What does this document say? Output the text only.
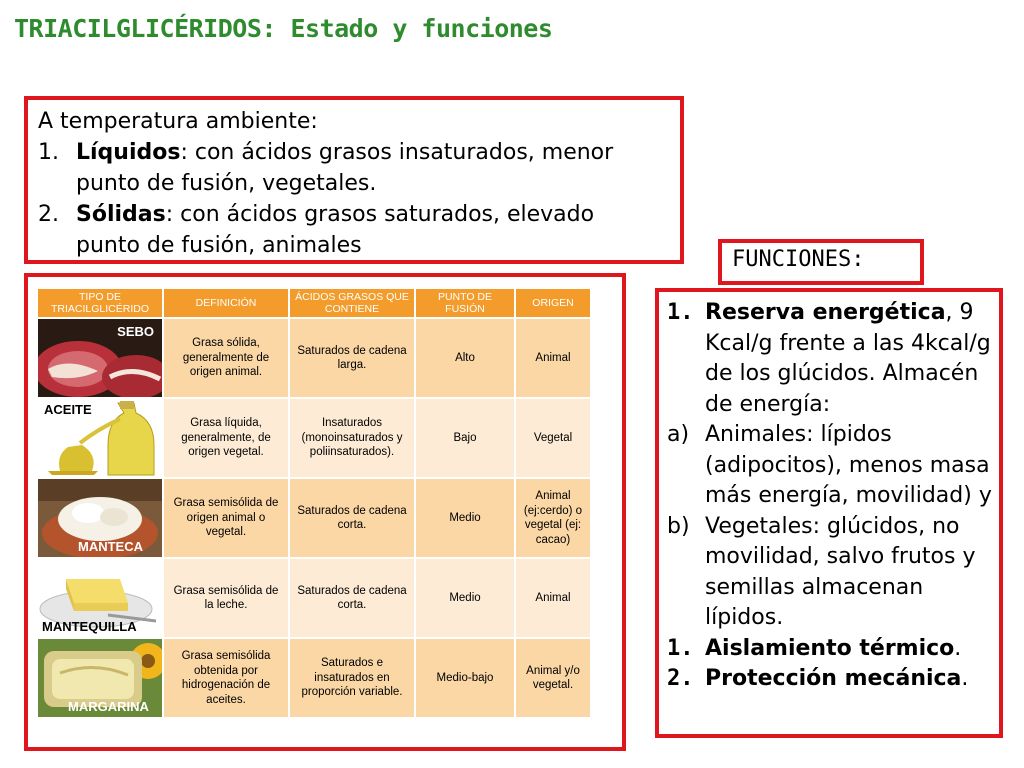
TRIACILGLICÉRIDOS: Estado y funciones
A temperatura ambiente:
1. Líquidos: con ácidos grasos insaturados, menor
punto de fusión, vegetales.
2. Sólidas: con ácidos grasos saturados, elevado
punto de fusión, animales
FUNCIONES:
1. Reserva energética, 9 Kcal/g frente a las 4kcal/g de los glúcidos. Almacén de energía:
a) Animales: lípidos (adipocitos), menos masa más energía, movilidad) y
b) Vegetales: glúcidos, no movilidad, salvo frutos y semillas almacenan lípidos.
1. Aislamiento térmico.
2. Protección mecánica.
TIPO DE TRIACILGLICÉRIDO	DEFINICIÓN	ÁCIDOS GRASOS QUE CONTIENE	PUNTO DE FUSIÓN	ORIGEN

SEBO	Grasa sólida, generalmente de origen animal.	Saturados de cadena larga.	Alto	Animal

ACEITE	Grasa líquida, generalmente, de origen vegetal.	Insaturados (monoinsaturados y poliinsaturados).	Bajo	Vegetal

MANTECA	Grasa semisólida de origen animal o vegetal.	Saturados de cadena corta.	Medio	Animal (ej:cerdo) o vegetal (ej: cacao)

MANTEQUILLA	Grasa semisólida de la leche.	Saturados de cadena corta.	Medio	Animal

MARGARINA	Grasa semisólida obtenida por hidrogenación de aceites.	Saturados e insaturados en proporción variable.	Medio-bajo	Animal y/o vegetal.
